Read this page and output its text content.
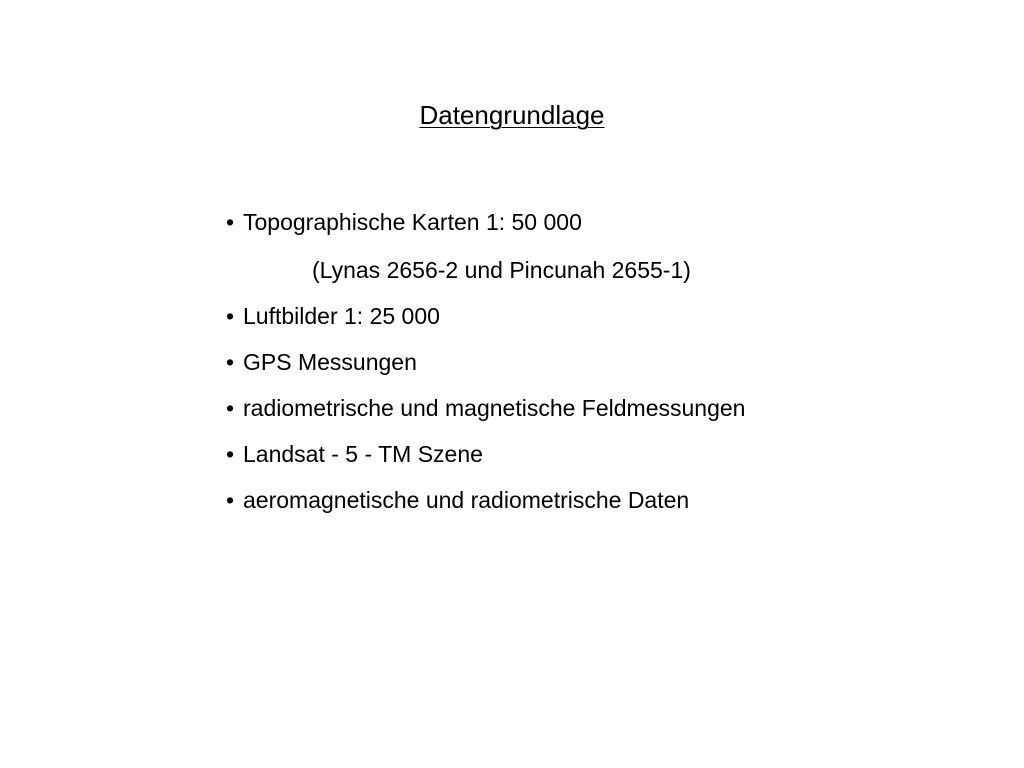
Datengrundlage
• Topographische Karten 1: 50 000
(Lynas 2656-2 und Pincunah 2655-1)
• Luftbilder 1: 25 000
• GPS Messungen
• radiometrische und magnetische Feldmessungen
• Landsat - 5 - TM Szene
• aeromagnetische und radiometrische Daten
